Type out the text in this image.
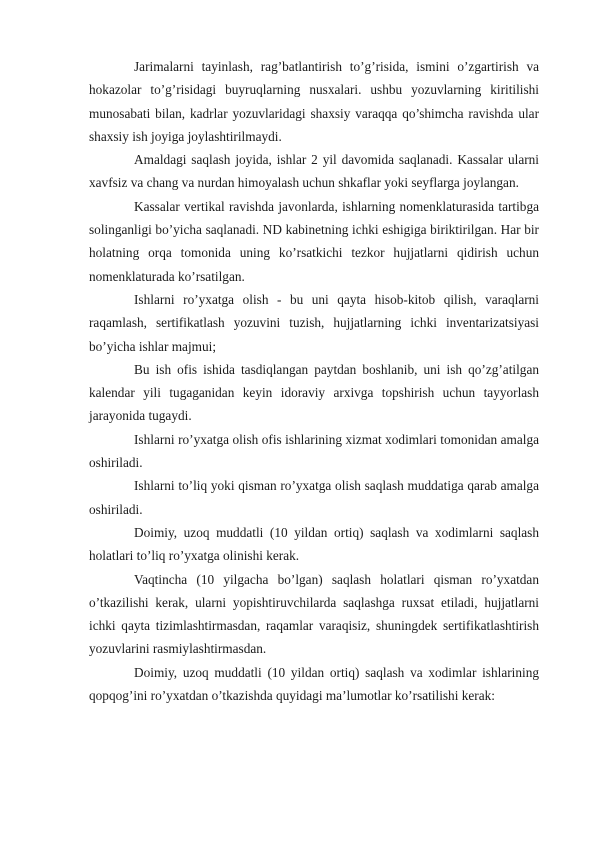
Jarimalarni tayinlash, rag’batlantirish to’g’risida, ismini o’zgartirish va hokazolar to’g’risidagi buyruqlarning nusxalari. ushbu yozuvlarning kiritilishi munosabati bilan, kadrlar yozuvlaridagi shaxsiy varaqqa qo’shimcha ravishda ular shaxsiy ish joyiga joylashtirilmaydi.

Amaldagi saqlash joyida, ishlar 2 yil davomida saqlanadi. Kassalar ularni xavfsiz va chang va nurdan himoyalash uchun shkaflar yoki seyflarga joylangan.

Kassalar vertikal ravishda javonlarda, ishlarning nomenklaturasida tartibga solinganligi bo’yicha saqlanadi. ND kabinetning ichki eshigiga biriktirilgan. Har bir holatning orqa tomonida uning ko’rsatkichi tezkor hujjatlarni qidirish uchun nomenklaturada ko’rsatilgan.

Ishlarni ro’yxatga olish - bu uni qayta hisob-kitob qilish, varaqlarni raqamlash, sertifikatlash yozuvini tuzish, hujjatlarning ichki inventarizatsiyasi bo’yicha ishlar majmui;

Bu ish ofis ishida tasdiqlangan paytdan boshlanib, uni ish qo’zg’atilgan kalendar yili tugaganidan keyin idoraviy arxivga topshirish uchun tayyorlash jarayonida tugaydi.

Ishlarni ro’yxatga olish ofis ishlarining xizmat xodimlari tomonidan amalga oshiriladi.

Ishlarni to’liq yoki qisman ro’yxatga olish saqlash muddatiga qarab amalga oshiriladi.

Doimiy, uzoq muddatli (10 yildan ortiq) saqlash va xodimlarni saqlash holatlari to’liq ro’yxatga olinishi kerak.

Vaqtincha (10 yilgacha bo’lgan) saqlash holatlari qisman ro’yxatdan o’tkazilishi kerak, ularni yopishtiruvchilarda saqlashga ruxsat etiladi, hujjatlarni ichki qayta tizimlashtirmasdan, raqamlar varaqisiz, shuningdek sertifikatlashtirish yozuvlarini rasmiylashtirmasdan.

Doimiy, uzoq muddatli (10 yildan ortiq) saqlash va xodimlar ishlarining qopqog’ini ro’yxatdan o’tkazishda quyidagi ma’lumotlar ko’rsatilishi kerak:
